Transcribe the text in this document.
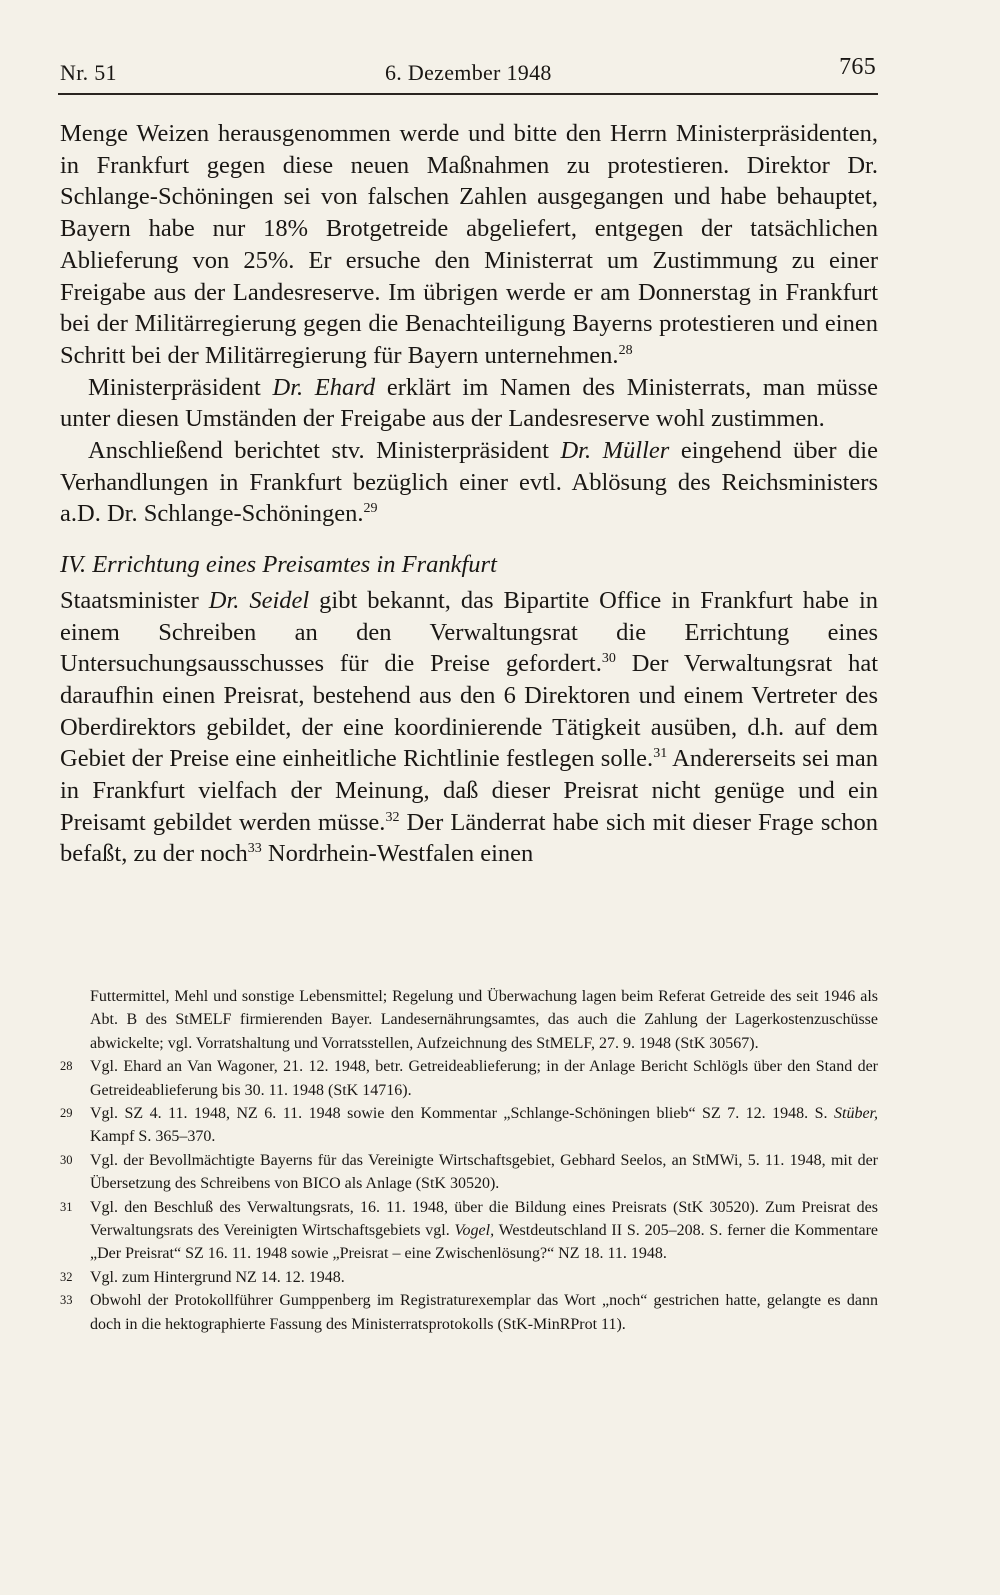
Nr. 51	6. Dezember 1948	765

Menge Weizen herausgenommen werde und bitte den Herrn Ministerpräsidenten, in Frankfurt gegen diese neuen Maßnahmen zu protestieren. Direktor Dr. Schlange-Schöningen sei von falschen Zahlen ausgegangen und habe behauptet, Bayern habe nur 18% Brotgetreide abgeliefert, entgegen der tatsächlichen Ablieferung von 25%. Er ersuche den Ministerrat um Zustimmung zu einer Freigabe aus der Landesreserve. Im übrigen werde er am Donnerstag in Frankfurt bei der Militärregierung gegen die Benachteiligung Bayerns protestieren und einen Schritt bei der Militärregierung für Bayern unternehmen.$^{28}$

Ministerpräsident Dr. Ehard erklärt im Namen des Ministerrats, man müsse unter diesen Umständen der Freigabe aus der Landesreserve wohl zustimmen.

Anschließend berichtet stv. Ministerpräsident Dr. Müller eingehend über die Verhandlungen in Frankfurt bezüglich einer evtl. Ablösung des Reichsministers a.D. Dr. Schlange-Schöningen.$^{29}$

IV. Errichtung eines Preisamtes in Frankfurt

Staatsminister Dr. Seidel gibt bekannt, das Bipartite Office in Frankfurt habe in einem Schreiben an den Verwaltungsrat die Errichtung eines Untersuchungsausschusses für die Preise gefordert.$^{30}$ Der Verwaltungsrat hat daraufhin einen Preisrat, bestehend aus den 6 Direktoren und einem Vertreter des Oberdirektors gebildet, der eine koordinierende Tätigkeit ausüben, d.h. auf dem Gebiet der Preise eine einheitliche Richtlinie festlegen solle.$^{31}$ Andererseits sei man in Frankfurt vielfach der Meinung, daß dieser Preisrat nicht genüge und ein Preisamt gebildet werden müsse.$^{32}$ Der Länderrat habe sich mit dieser Frage schon befaßt, zu der noch$^{33}$ Nordrhein-Westfalen einen

Futtermittel, Mehl und sonstige Lebensmittel; Regelung und Überwachung lagen beim Referat Getreide des seit 1946 als Abt. B des StMELF firmierenden Bayer. Landesernährungsamtes, das auch die Zahlung der Lagerkostenzuschüsse abwickelte; vgl. Vorratshaltung und Vorratsstellen, Aufzeichnung des StMELF, 27. 9. 1948 (StK 30567).

28 Vgl. Ehard an Van Wagoner, 21. 12. 1948, betr. Getreideablieferung; in der Anlage Bericht Schlögls über den Stand der Getreideablieferung bis 30. 11. 1948 (StK 14716).

29 Vgl. SZ 4. 11. 1948, NZ 6. 11. 1948 sowie den Kommentar „Schlange-Schöningen blieb“ SZ 7. 12. 1948. S. Stüber, Kampf S. 365–370.

30 Vgl. der Bevollmächtigte Bayerns für das Vereinigte Wirtschaftsgebiet, Gebhard Seelos, an StMWi, 5. 11. 1948, mit der Übersetzung des Schreibens von BICO als Anlage (StK 30520).

31 Vgl. den Beschluß des Verwaltungsrats, 16. 11. 1948, über die Bildung eines Preisrats (StK 30520). Zum Preisrat des Verwaltungsrats des Vereinigten Wirtschaftsgebiets vgl. Vogel, Westdeutschland II S. 205–208. S. ferner die Kommentare „Der Preisrat“ SZ 16. 11. 1948 sowie „Preisrat – eine Zwischenlösung?“ NZ 18. 11. 1948.

32 Vgl. zum Hintergrund NZ 14. 12. 1948.

33 Obwohl der Protokollführer Gumppenberg im Registraturexemplar das Wort „noch“ gestrichen hatte, gelangte es dann doch in die hektographierte Fassung des Ministerratsprotokolls (StK-MinRProt 11).
